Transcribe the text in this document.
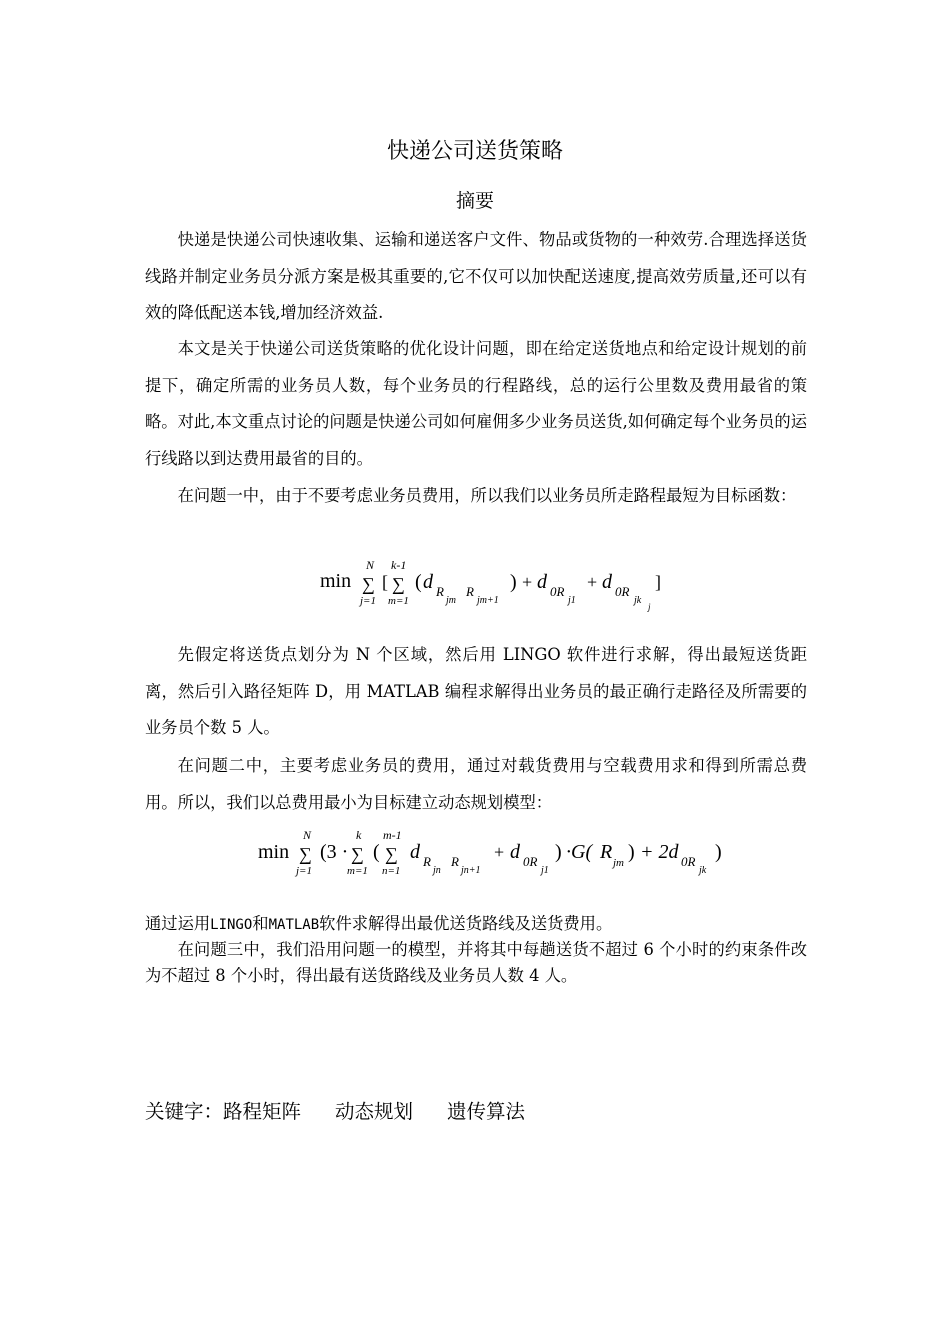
快递公司送货策略
摘要

快递是快递公司快速收集、运输和递送客户文件、物品或货物的一种效劳.合理选择送货线路并制定业务员分派方案是极其重要的,它不仅可以加快配送速度,提高效劳质量,还可以有效的降低配送本钱,增加经济效益.

本文是关于快递公司送货策略的优化设计问题，即在给定送货地点和给定设计规划的前提下，确定所需的业务员人数，每个业务员的行程路线，总的运行公里数及费用最省的策略。对此,本文重点讨论的问题是快递公司如何雇佣多少业务员送货,如何确定每个业务员的运行线路以到达费用最省的目的。

在问题一中，由于不要考虑业务员费用，所以我们以业务员所走路程最短为目标函数：

min ∑
N
j=1
[ ∑
k-1
m=1
( d R
jm
R
jm+1
) + d 0R
j1
+ d 0R
jk
j
]

先假定将送货点划分为 N 个区域，然后用 LINGO 软件进行求解，得出最短送货距离，然后引入路径矩阵 D，用 MATLAB 编程求解得出业务员的最正确行走路径及所需要的业务员个数 5 人。

在问题二中，主要考虑业务员的费用，通过对载货费用与空载费用求和得到所需总费用。所以，我们以总费用最小为目标建立动态规划模型：

min ∑
N
j=1
(3 · ∑
k
m=1
( ∑
m-1
n=1
d R
jn
R
jn+1
+ d 0R
j1
) ·G( R jm ) + 2d 0R
jk
)

通过运用LINGO和MATLAB软件求解得出最优送货路线及送货费用。

在问题三中，我们沿用问题一的模型，并将其中每趟送货不超过 6 个小时的约束条件改为不超过 8 个小时，得出最有送货路线及业务员人数 4 人。

关键字：路程矩阵 动态规划 遗传算法
